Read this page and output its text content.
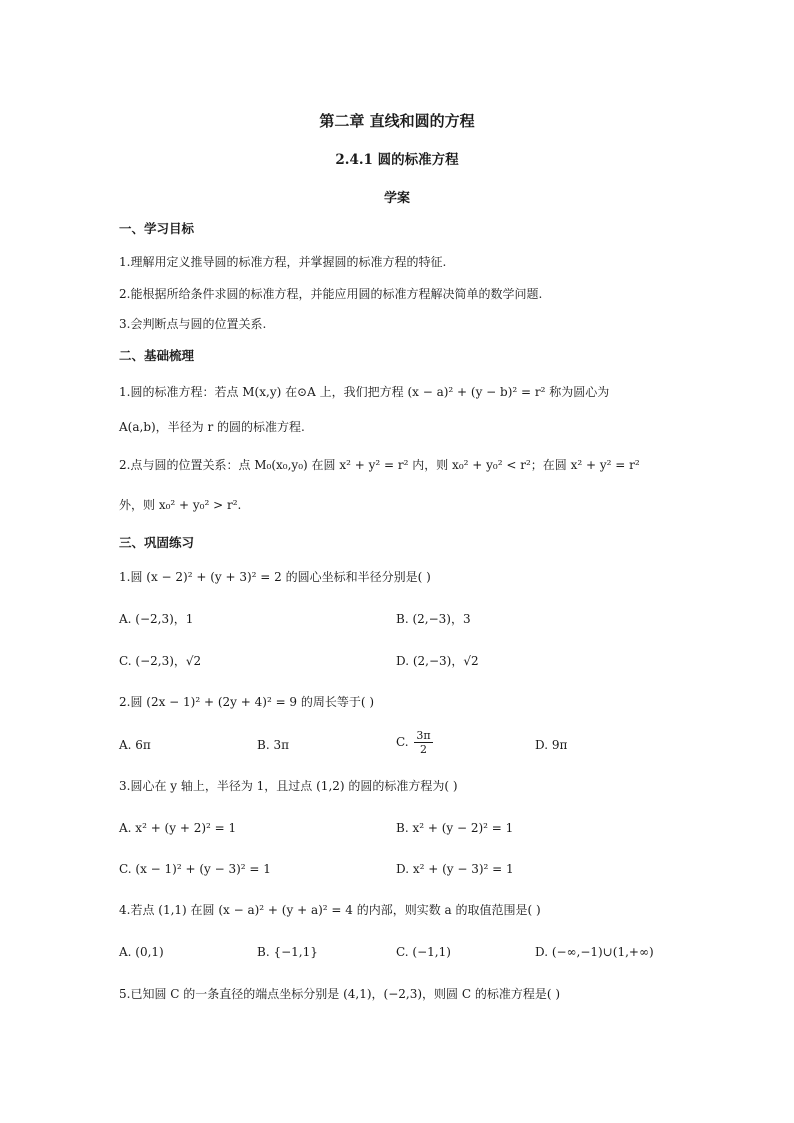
第二章 直线和圆的方程
2.4.1 圆的标准方程
学案
一、学习目标
1.理解用定义推导圆的标准方程，并掌握圆的标准方程的特征.
2.能根据所给条件求圆的标准方程，并能应用圆的标准方程解决简单的数学问题.
3.会判断点与圆的位置关系.
二、基础梳理
1.圆的标准方程：若点 M(x,y) 在⊙A 上，我们把方程 (x − a)² + (y − b)² = r² 称为圆心为
A(a,b)，半径为 r 的圆的标准方程.
2.点与圆的位置关系：点 M₀(x₀,y₀) 在圆 x² + y² = r² 内，则 x₀² + y₀² < r²；在圆 x² + y² = r²
外，则 x₀² + y₀² > r².
三、巩固练习
1.圆 (x − 2)² + (y + 3)² = 2 的圆心坐标和半径分别是( )
A. (−2,3)，1	B. (2,−3)，3
C. (−2,3)，√2	D. (2,−3)，√2
2.圆 (2x − 1)² + (2y + 4)² = 9 的周长等于( )
A. 6π	B. 3π	C. $\frac{3\pi}{2}$	D. 9π
3.圆心在 y 轴上，半径为 1，且过点 (1,2) 的圆的标准方程为( )
A. x² + (y + 2)² = 1	B. x² + (y − 2)² = 1
C. (x − 1)² + (y − 3)² = 1	D. x² + (y − 3)² = 1
4.若点 (1,1) 在圆 (x − a)² + (y + a)² = 4 的内部，则实数 a 的取值范围是( )
A. (0,1)	B. {−1,1}	C. (−1,1)	D. (−∞,−1)∪(1,+∞)
5.已知圆 C 的一条直径的端点坐标分别是 (4,1)，(−2,3)，则圆 C 的标准方程是( )
